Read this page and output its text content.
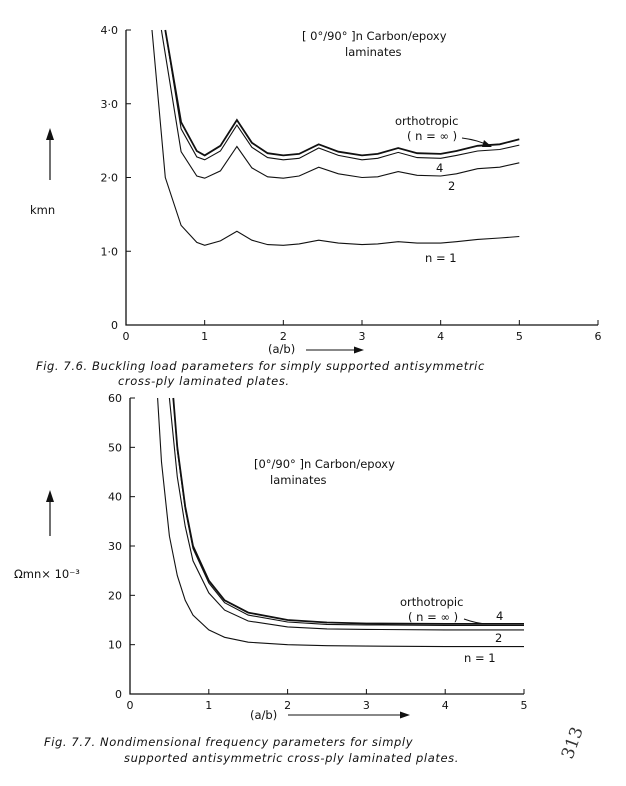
0	1	2	3	4	5	6
0
1·0
2·0
3·0
4·0	[ 0°/90° ]n Carbon/epoxy
laminates
kmn
(a/b)
orthotropic
( n = ∞ )
4
2
n = 1
Fig. 7.6. Buckling load parameters for simply supported antisymmetric
cross-ply laminated plates.
0	1	2	3	4	5
0
10
20
30
40
50
60
[0°/90° ]n Carbon/epoxy
laminates
Ωmn× 10⁻³
(a/b)
orthotropic
( n = ∞ )	4
2
n = 1
Fig. 7.7. Nondimensional frequency parameters for simply
supported antisymmetric cross-ply laminated plates.	313
